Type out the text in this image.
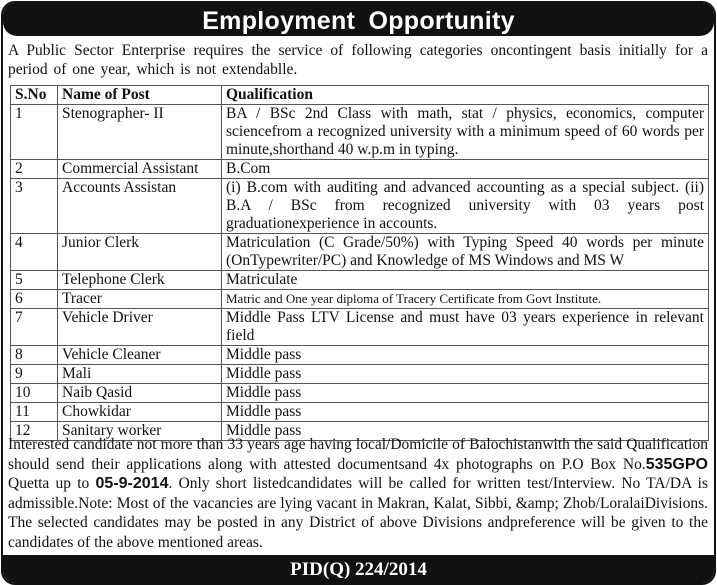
Employment Opportunity
A Public Sector Enterprise requires the service of following categories oncontingent basis initially for a period of one year, which is not extendablle.
S.No	Name of Post	Qualification
1	Stenographer- II	BA / BSc 2nd Class with math, stat / physics, economics, computer sciencefrom a recognized university with a minimum speed of 60 words per minute,shorthand 40 w.p.m in typing.
2	Commercial Assistant	B.Com
3	Accounts Assistan	(i) B.com with auditing and advanced accounting as a special subject. (ii) B.A / BSc from recognized university with 03 years post graduationexperience in accounts.
4	Junior Clerk	Matriculation (C Grade/50%) with Typing Speed 40 words per minute (OnTypewriter/PC) and Knowledge of MS Windows and MS W
5	Telephone Clerk	Matriculate
6	Tracer	Matric and One year diploma of Tracery Certificate from Govt Institute.
7	Vehicle Driver	Middle Pass LTV License and must have 03 years experience in relevant field
8	Vehicle Cleaner	Middle pass
9	Mali	Middle pass
10	Naib Qasid	Middle pass
11	Chowkidar	Middle pass
12	Sanitary worker	Middle pass
Interested candidate not more than 33 years age having local/Domicile of Balochistanwith the said Qualification should send their applications along with attested documentsand 4x photographs on P.O Box No.535GPO Quetta up to 05-9-2014. Only short listedcandidates will be called for written test/Interview. No TA/DA is admissible.Note: Most of the vacancies are lying vacant in Makran, Kalat, Sibbi, &amp; Zhob/LoralaiDivisions. The selected candidates may be posted in any District of above Divisions andpreference will be given to the candidates of the above mentioned areas.
PID(Q) 224/2014
